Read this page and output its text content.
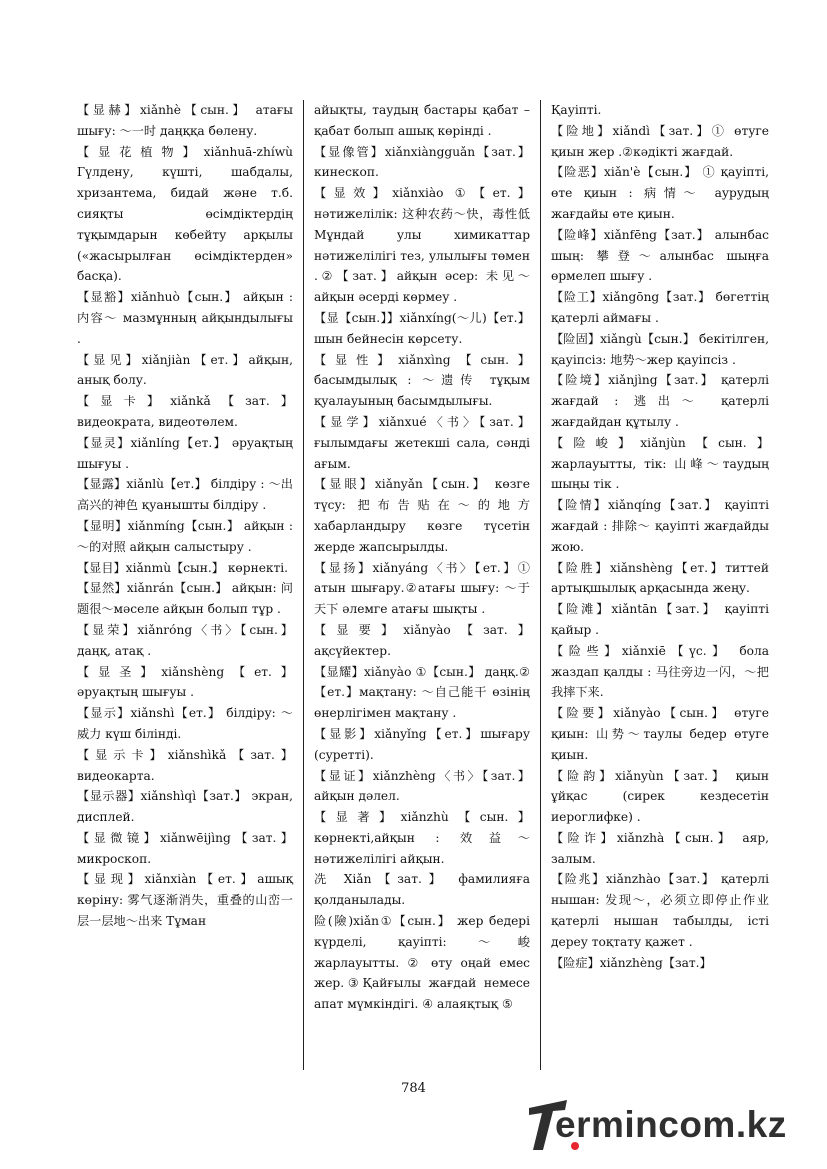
【显赫】xiǎnhè【сын.】 атағы шығу: ～一时 даңққа бөлену.

【显花植物】xiǎnhuā-zhíwù Гүлдену, күшті, шабдалы, хризантема, бидай және т.б. сияқты өсімдіктердің тұқымдарын көбейту арқылы («жасырылған өсімдіктерден» басқа).

【显豁】xiǎnhuò【сын.】 айқын : 内容～ мазмұнның айқындылығы .

【显见】xiǎnjiàn【ет.】айқын, анық болу.

【显卡】xiǎnkǎ【зат.】 видеократа, видеотөлем.

【显灵】xiǎnlíng【ет.】 әруақтың шығуы .

【显露】xiǎnlù【ет.】 білдіру : ～出高兴的神色 қуанышты білдіру .

【显明】xiǎnmíng【сын.】 айқын : ～的对照 айқын салыстыру .

【显目】xiǎnmù【сын.】 көрнекті.

【显然】xiǎnrán【сын.】 айқын: 问题很～мәселе айқын болып тұр .

【显荣】xiǎnróng〈书〉【сын.】 даңқ, атақ .

【显圣】xiǎnshèng【ет.】 әруақтың шығуы .

【显示】xiǎnshì【ет.】 білдіру: ～威力 күш білінді.

【显示卡】xiǎnshìkǎ【зат.】 видеокарта.

【显示器】xiǎnshìqì【зат.】 экран, дисплей.

【显微镜】xiǎnwēijìng【зат.】 микроскоп.

【显现】xiǎnxiàn【ет.】ашық көріну: 雾气逐渐消失，重叠的山峦一层一层地～出来 Тұман

айықты, таудың бастары қабат – қабат болып ашық көрінді .

【显像管】xiǎnxiàngguǎn【зат.】кинескоп.

【显效】xiǎnxiào ①【ет.】 нәтижелілік: 这种农药～快，毒性低 Мұндай улы химикаттар нәтижелілігі тез, улылығы төмен .②【зат.】айқын әсер: 未见～айқын әсерді көрмеу .

【显【сын.】】xiǎnxíng(～儿)【ет.】шын бейнесін көрсету.

【显性】xiǎnxìng【сын.】 басымдылық : ～遗传 тұқым қуалауының басымдылығы.

【显学】xiǎnxué〈书〉【зат.】 ғылымдағы жетекші сала, сәнді ағым.

【显眼】xiǎnyǎn【сын.】 көзге түсу: 把布告贴在～的地方 хабарландыру көзге түсетін жерде жапсырылды.

【显扬】xiǎnyáng〈书〉【ет.】① атын шығару.②атағы шығу: ～于天下 әлемге атағы шықты .

【显要】xiǎnyào【зат.】 ақсүйектер.

【显耀】xiǎnyào ①【сын.】 даңқ.②【ет.】мақтану: ～自己能干 өзінің өнерлігімен мақтану .

【显影】xiǎnyǐng【ет.】шығару (суретті).

【显证】xiǎnzhèng〈书〉【зат.】 айқын дәлел.

【显著】xiǎnzhù【сын.】 көрнекті,айқын : 效益～ нәтижелілігі айқын.

冼 Xiǎn【зат.】 фамилияға қолданылады.

险(險)xiǎn①【сын.】 жер бедері күрделі, қауіпті: ～峻 жарлауытты. ② өту оңай емес жер.③Қайғылы жағдай немесе апат мүмкіндігі. ④ алаяқтық ⑤

Қауіпті.

【险地】xiǎndì【зат.】① өтуге қиын жер .②кәдікті жағдай.

【险恶】xiǎn'è【сын.】 ① қауіпті, өте қиын : 病情～ аурудың жағдайы өте қиын.

【险峰】xiǎnfēng【зат.】 алынбас шың: 攀登～алынбас шыңға өрмелеп шығу .

【险工】xiǎngōng【зат.】 бөгеттің қатерлі аймағы .

【险固】xiǎngù【сын.】 бекітілген, қауіпсіз: 地势～жер қауіпсіз .

【险境】xiǎnjìng【зат.】 қатерлі жағдай : 逃出～ қатерлі жағдайдан құтылу .

【险峻】xiǎnjùn【сын.】 жарлауытты, тік: 山峰～таудың шыңы тік .

【险情】xiǎnqíng【зат.】 қауіпті жағдай : 排除～ қауіпті жағдайды жою.

【险胜】xiǎnshèng【ет.】титтей артықшылық арқасында жеңу.

【险滩】xiǎntān【зат.】 қауіпті қайыр .

【险些】xiǎnxiē【үс.】 бола жаздап қалды : 马往旁边一闪，～把我摔下来.

【险要】xiǎnyào【сын.】 өтуге қиын: 山势～таулы бедер өтуге қиын.

【险韵】xiǎnyùn【зат.】 қиын ұйқас (сирек кездесетін иероглифке) .

【险诈】xiǎnzhà【сын.】 аяр, залым.

【险兆】xiǎnzhào【зат.】 қатерлі нышан: 发现～，必须立即停止作业 қатерлі нышан табылды, істі дереу тоқтату қажет .

【险症】xiǎnzhèng【зат.】

784
ermincom.kz
